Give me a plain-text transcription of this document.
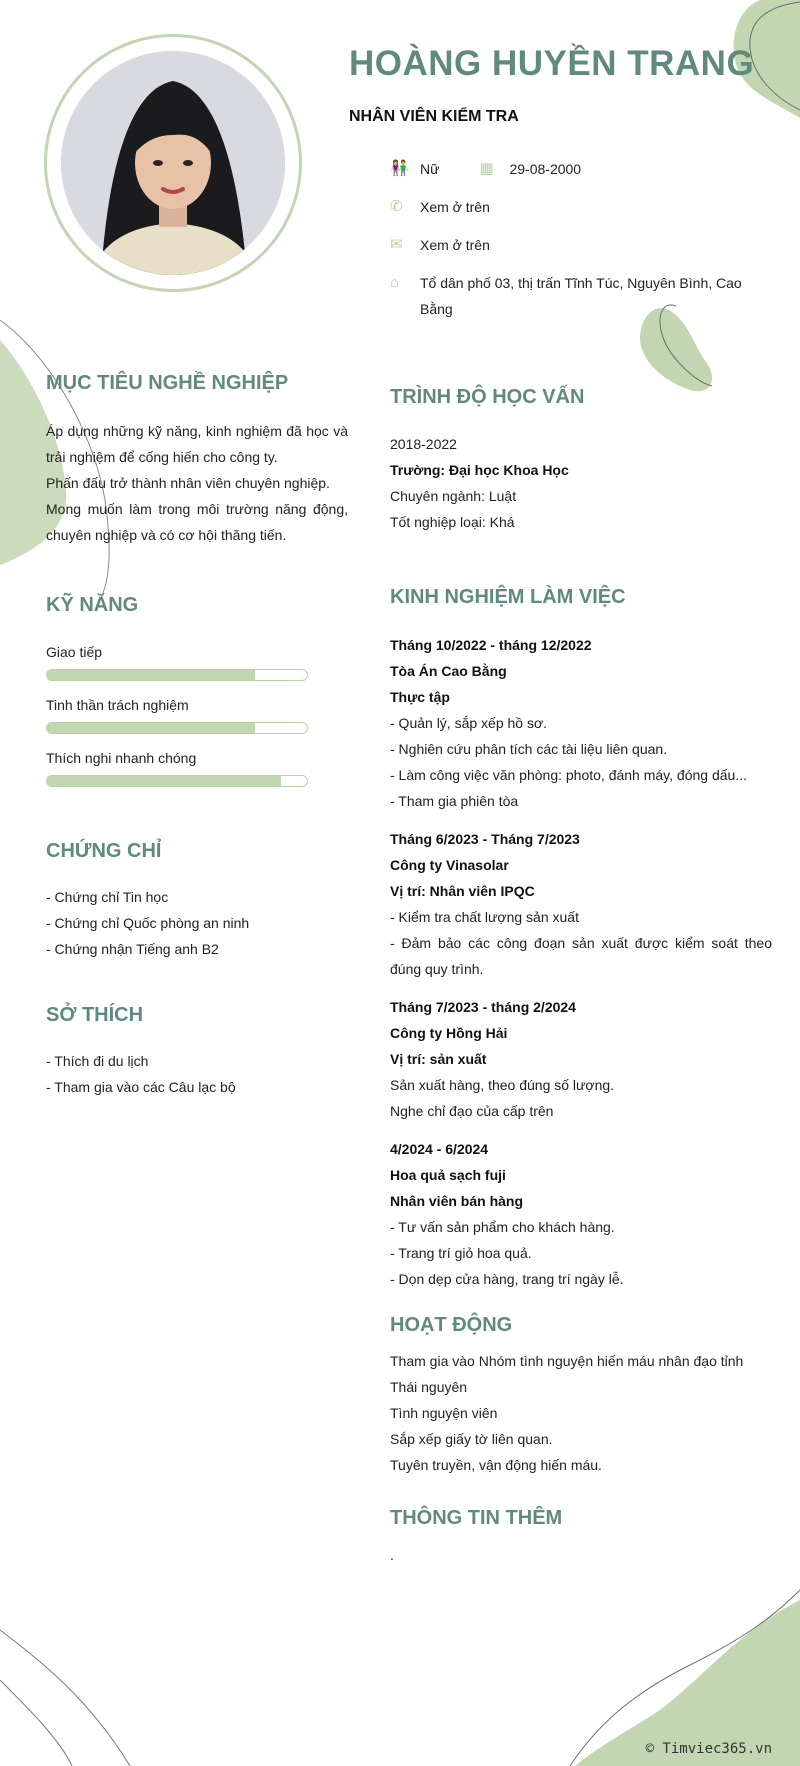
HOÀNG HUYỀN TRANG
NHÂN VIÊN KIỂM TRA
👫 Nữ	▦	29-08-2000
✆	Xem ở trên
✉	Xem ở trên
⌂	Tổ dân phố 03, thị trấn Tĩnh Túc, Nguyên Bình, Cao Bằng
MỤC TIÊU NGHỀ NGHIỆP

Áp dụng những kỹ năng, kinh nghiệm đã học và trải nghiệm để cống hiến cho công ty.

Phấn đấu trở thành nhân viên chuyên nghiệp.

Mong muốn làm trong môi trường năng động, chuyên nghiệp và có cơ hội thăng tiến.

KỸ NĂNG
Giao tiếp
Tinh thần trách nghiệm
Thích nghi nhanh chóng
CHỨNG CHỈ

- Chứng chỉ Tin học

- Chứng chỉ Quốc phòng an ninh

- Chứng nhận Tiếng anh B2

SỞ THÍCH

- Thích đi du lịch

- Tham gia vào các Câu lạc bộ

TRÌNH ĐỘ HỌC VẤN

2018-2022

Trường: Đại học Khoa Học

Chuyên ngành: Luật

Tốt nghiệp loại: Khá

KINH NGHIỆM LÀM VIỆC

Tháng 10/2022 - tháng 12/2022

Tòa Án Cao Bằng

Thực tập

- Quản lý, sắp xếp hồ sơ.

- Nghiên cứu phân tích các tài liệu liên quan.

- Làm công việc văn phòng: photo, đánh máy, đóng dấu...

- Tham gia phiên tòa

Tháng 6/2023 - Tháng 7/2023

Công ty Vinasolar

Vị trí: Nhân viên IPQC

- Kiểm tra chất lượng sản xuất

- Đảm bảo các công đoạn sản xuất được kiểm soát theo đúng quy trình.

Tháng 7/2023 - tháng 2/2024

Công ty Hồng Hải

Vị trí: sản xuất

Sản xuất hàng, theo đúng số lượng.

Nghe chỉ đạo của cấp trên

4/2024 - 6/2024

Hoa quả sạch fuji

Nhân viên bán hàng

- Tư vấn sản phẩm cho khách hàng.

- Trang trí giỏ hoa quả.

- Dọn dẹp cửa hàng, trang trí ngày lễ.

HOẠT ĐỘNG

Tham gia vào Nhóm tình nguyện hiến máu nhân đạo tỉnh Thái nguyên

Tình nguyện viên

Sắp xếp giấy tờ liên quan.

Tuyên truyền, vận động hiến máu.

THÔNG TIN THÊM
.
© Timviec365.vn
